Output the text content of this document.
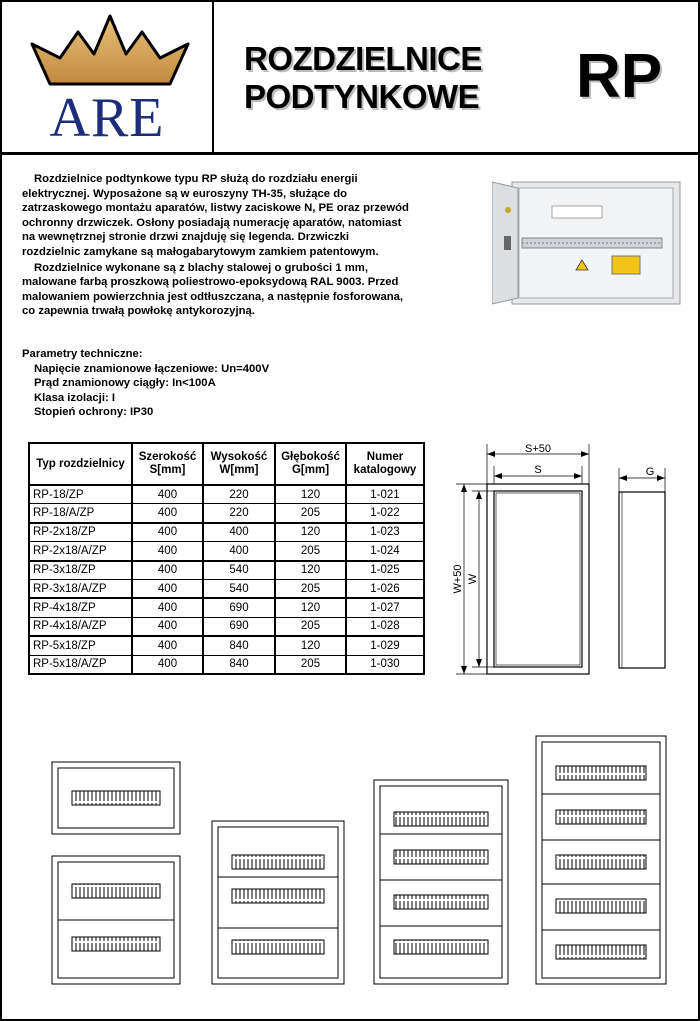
ARE
ROZDZIELNICE
PODTYNKOWE RP

Rozdzielnice podtynkowe typu RP służą do rozdziału energii elektrycznej. Wyposażone są w euroszyny TH-35, służące do zatrzaskowego montażu aparatów, listwy zaciskowe N, PE oraz przewód ochronny drzwiczek. Osłony posiadają numerację aparatów, natomiast na wewnętrznej stronie drzwi znajduję się legenda. Drzwiczki rozdzielnic zamykane są małogabarytowym zamkiem patentowym.

Rozdzielnice wykonane są z blachy stalowej o grubości 1 mm, malowane farbą proszkową poliestrowo-epoksydową RAL 9003. Przed malowaniem powierzchnia jest odtłuszczana, a następnie fosforowana, co zapewnia trwałą powłokę antykorozyjną.

Parametry techniczne:
Napięcie znamionowe łączeniowe: Un=400V
Prąd znamionowy ciągły: In<100A
Klasa izolacji: I
Stopień ochrony: IP30
Typ rozdzielnicy	Szerokość S[mm]	Wysokość W[mm]	Głębokość G[mm]	Numer katalogowy
RP-18/ZP	400	220	120	1-021
RP-18/A/ZP	400	220	205	1-022
RP-2x18/ZP	400	400	120	1-023
RP-2x18/A/ZP	400	400	205	1-024
RP-3x18/ZP	400	540	120	1-025
RP-3x18/A/ZP	400	540	205	1-026
RP-4x18/ZP	400	690	120	1-027
RP-4x18/A/ZP	400	690	205	1-028
RP-5x18/ZP	400	840	120	1-029
RP-5x18/A/ZP	400	840	205	1-030
S+50
S
W+50 W
G
